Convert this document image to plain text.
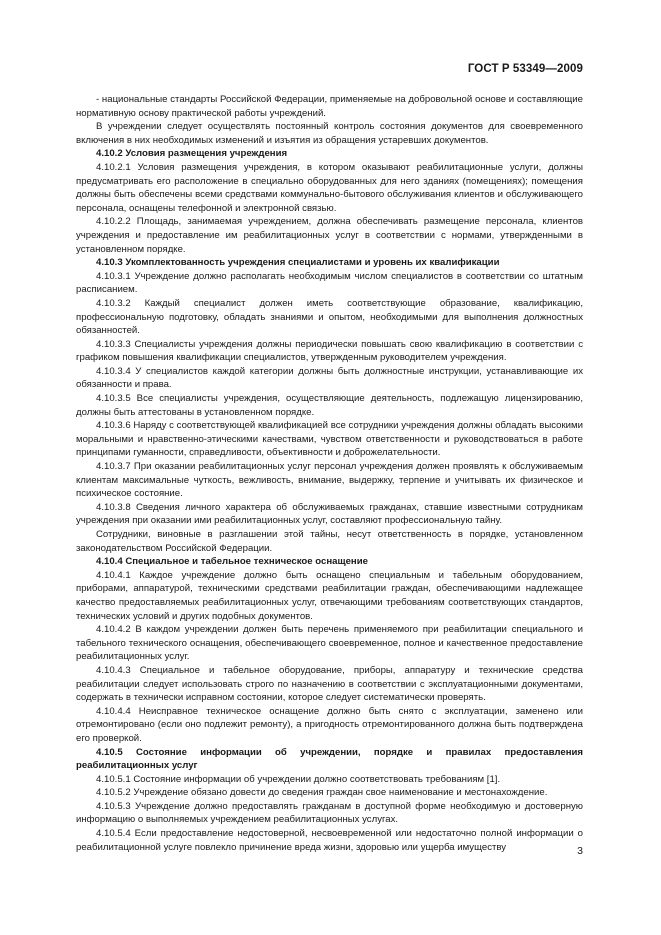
ГОСТ Р 53349—2009

- национальные стандарты Российской Федерации, применяемые на добровольной основе и составляющие нормативную основу практической работы учреждений.

В учреждении следует осуществлять постоянный контроль состояния документов для своевременного включения в них необходимых изменений и изъятия из обращения устаревших документов.

4.10.2 Условия размещения учреждения

4.10.2.1 Условия размещения учреждения, в котором оказывают реабилитационные услуги, должны предусматривать его расположение в специально оборудованных для него зданиях (помещениях); помещения должны быть обеспечены всеми средствами коммунально-бытового обслуживания клиентов и обслуживающего персонала, оснащены телефонной и электронной связью.

4.10.2.2 Площадь, занимаемая учреждением, должна обеспечивать размещение персонала, клиентов учреждения и предоставление им реабилитационных услуг в соответствии с нормами, утвержденными в установленном порядке.

4.10.3 Укомплектованность учреждения специалистами и уровень их квалификации

4.10.3.1 Учреждение должно располагать необходимым числом специалистов в соответствии со штатным расписанием.

4.10.3.2 Каждый специалист должен иметь соответствующие образование, квалификацию, профессиональную подготовку, обладать знаниями и опытом, необходимыми для выполнения должностных обязанностей.

4.10.3.3 Специалисты учреждения должны периодически повышать свою квалификацию в соответствии с графиком повышения квалификации специалистов, утвержденным руководителем учреждения.

4.10.3.4 У специалистов каждой категории должны быть должностные инструкции, устанавливающие их обязанности и права.

4.10.3.5 Все специалисты учреждения, осуществляющие деятельность, подлежащую лицензированию, должны быть аттестованы в установленном порядке.

4.10.3.6 Наряду с соответствующей квалификацией все сотрудники учреждения должны обладать высокими моральными и нравственно-этическими качествами, чувством ответственности и руководствоваться в работе принципами гуманности, справедливости, объективности и доброжелательности.

4.10.3.7 При оказании реабилитационных услуг персонал учреждения должен проявлять к обслуживаемым клиентам максимальные чуткость, вежливость, внимание, выдержку, терпение и учитывать их физическое и психическое состояние.

4.10.3.8 Сведения личного характера об обслуживаемых гражданах, ставшие известными сотрудникам учреждения при оказании ими реабилитационных услуг, составляют профессиональную тайну.

Сотрудники, виновные в разглашении этой тайны, несут ответственность в порядке, установленном законодательством Российской Федерации.

4.10.4 Специальное и табельное техническое оснащение

4.10.4.1 Каждое учреждение должно быть оснащено специальным и табельным оборудованием, приборами, аппаратурой, техническими средствами реабилитации граждан, обеспечивающими надлежащее качество предоставляемых реабилитационных услуг, отвечающими требованиям соответствующих стандартов, технических условий и других подобных документов.

4.10.4.2 В каждом учреждении должен быть перечень применяемого при реабилитации специального и табельного технического оснащения, обеспечивающего своевременное, полное и качественное предоставление реабилитационных услуг.

4.10.4.3 Специальное и табельное оборудование, приборы, аппаратуру и технические средства реабилитации следует использовать строго по назначению в соответствии с эксплуатационными документами, содержать в технически исправном состоянии, которое следует систематически проверять.

4.10.4.4 Неисправное техническое оснащение должно быть снято с эксплуатации, заменено или отремонтировано (если оно подлежит ремонту), а пригодность отремонтированного должна быть подтверждена его проверкой.

4.10.5 Состояние информации об учреждении, порядке и правилах предоставления реабилитационных услуг

4.10.5.1 Состояние информации об учреждении должно соответствовать требованиям [1].

4.10.5.2 Учреждение обязано довести до сведения граждан свое наименование и местонахождение.

4.10.5.3 Учреждение должно предоставлять гражданам в доступной форме необходимую и достоверную информацию о выполняемых учреждением реабилитационных услугах.

4.10.5.4 Если предоставление недостоверной, несвоевременной или недостаточно полной информации о реабилитационной услуге повлекло причинение вреда жизни, здоровью или ущерба имуществу	3
